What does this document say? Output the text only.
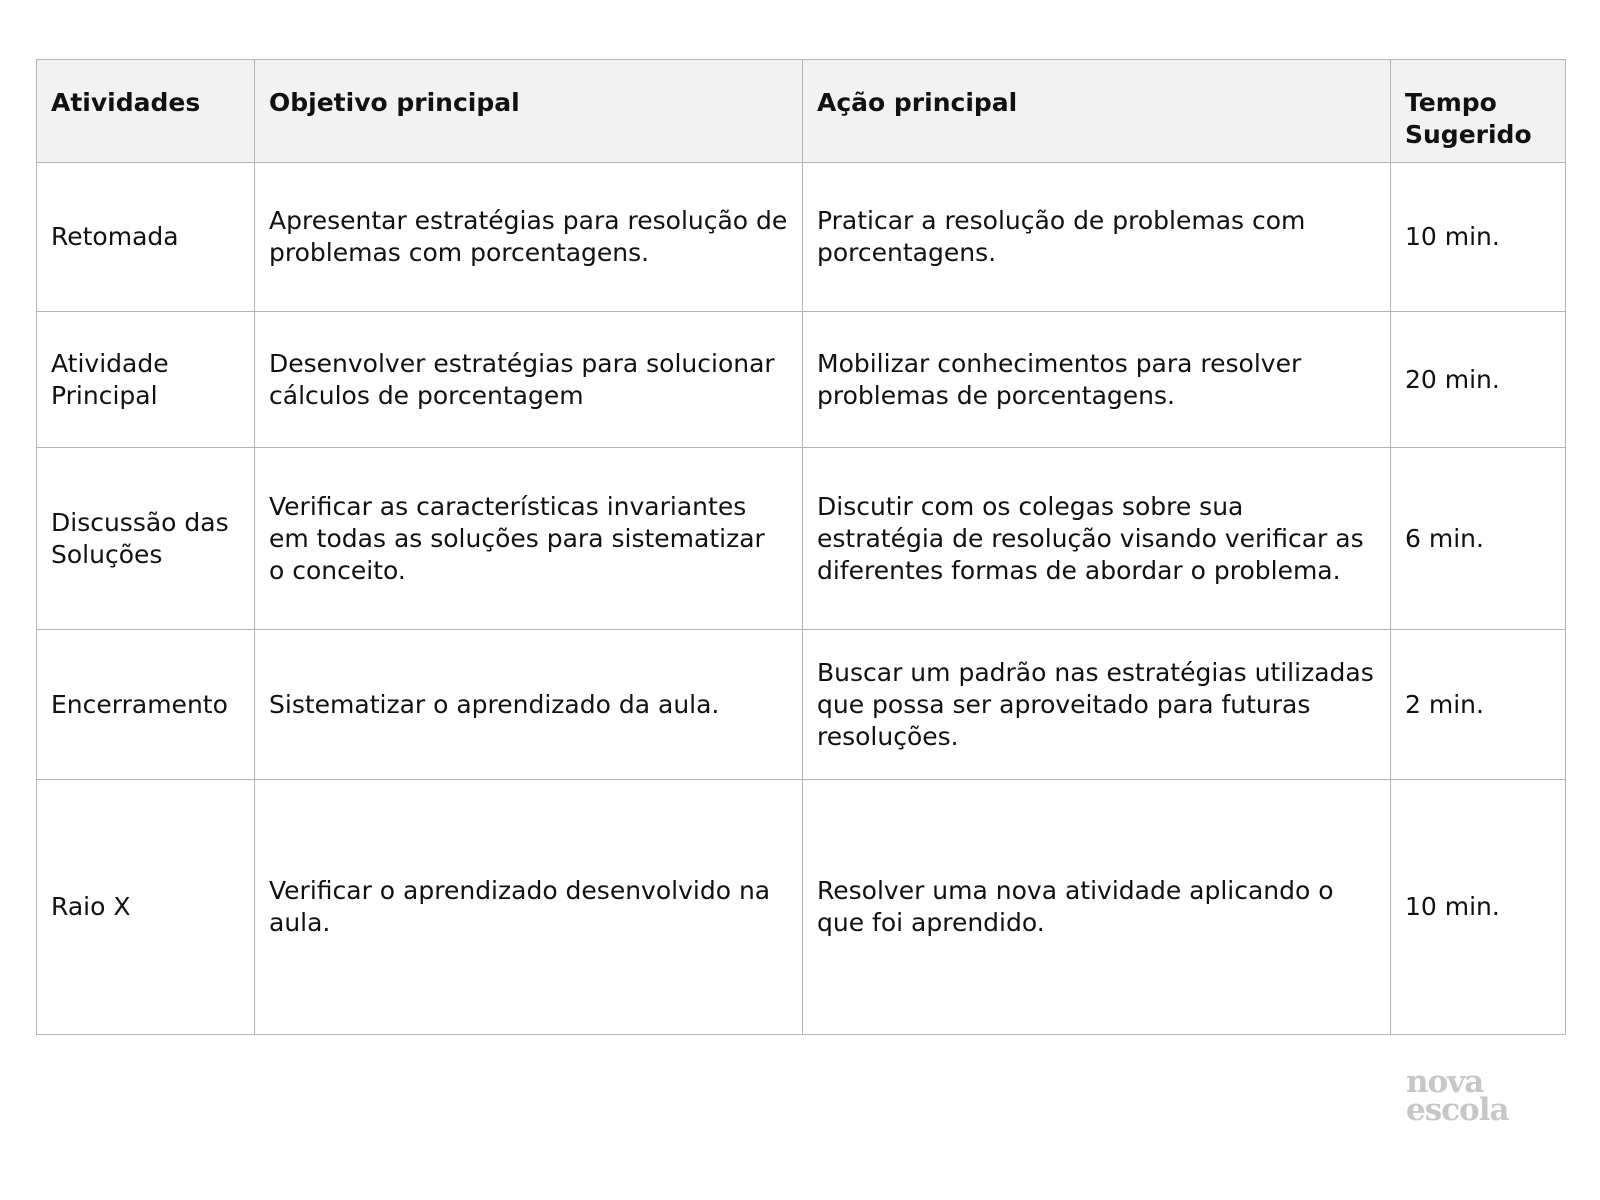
Atividades	Objetivo principal	Ação principal	Tempo Sugerido
Retomada	Apresentar estratégias para resolução de problemas com porcentagens.	Praticar a resolução de problemas com porcentagens.	10 min.
Atividade Principal	Desenvolver estratégias para solucionar cálculos de porcentagem	Mobilizar conhecimentos para resolver problemas de porcentagens.	20 min.
Discussão das Soluções	Verificar as características invariantes em todas as soluções para sistematizar o conceito.	Discutir com os colegas sobre sua estratégia de resolução visando verificar as diferentes formas de abordar o problema.	6 min.
Encerramento	Sistematizar o aprendizado da aula.	Buscar um padrão nas estratégias utilizadas que possa ser aproveitado para futuras resoluções.	2 min.
Raio X	Verificar o aprendizado desenvolvido na aula.	Resolver uma nova atividade aplicando o que foi aprendido.	10 min.
nova
escola
